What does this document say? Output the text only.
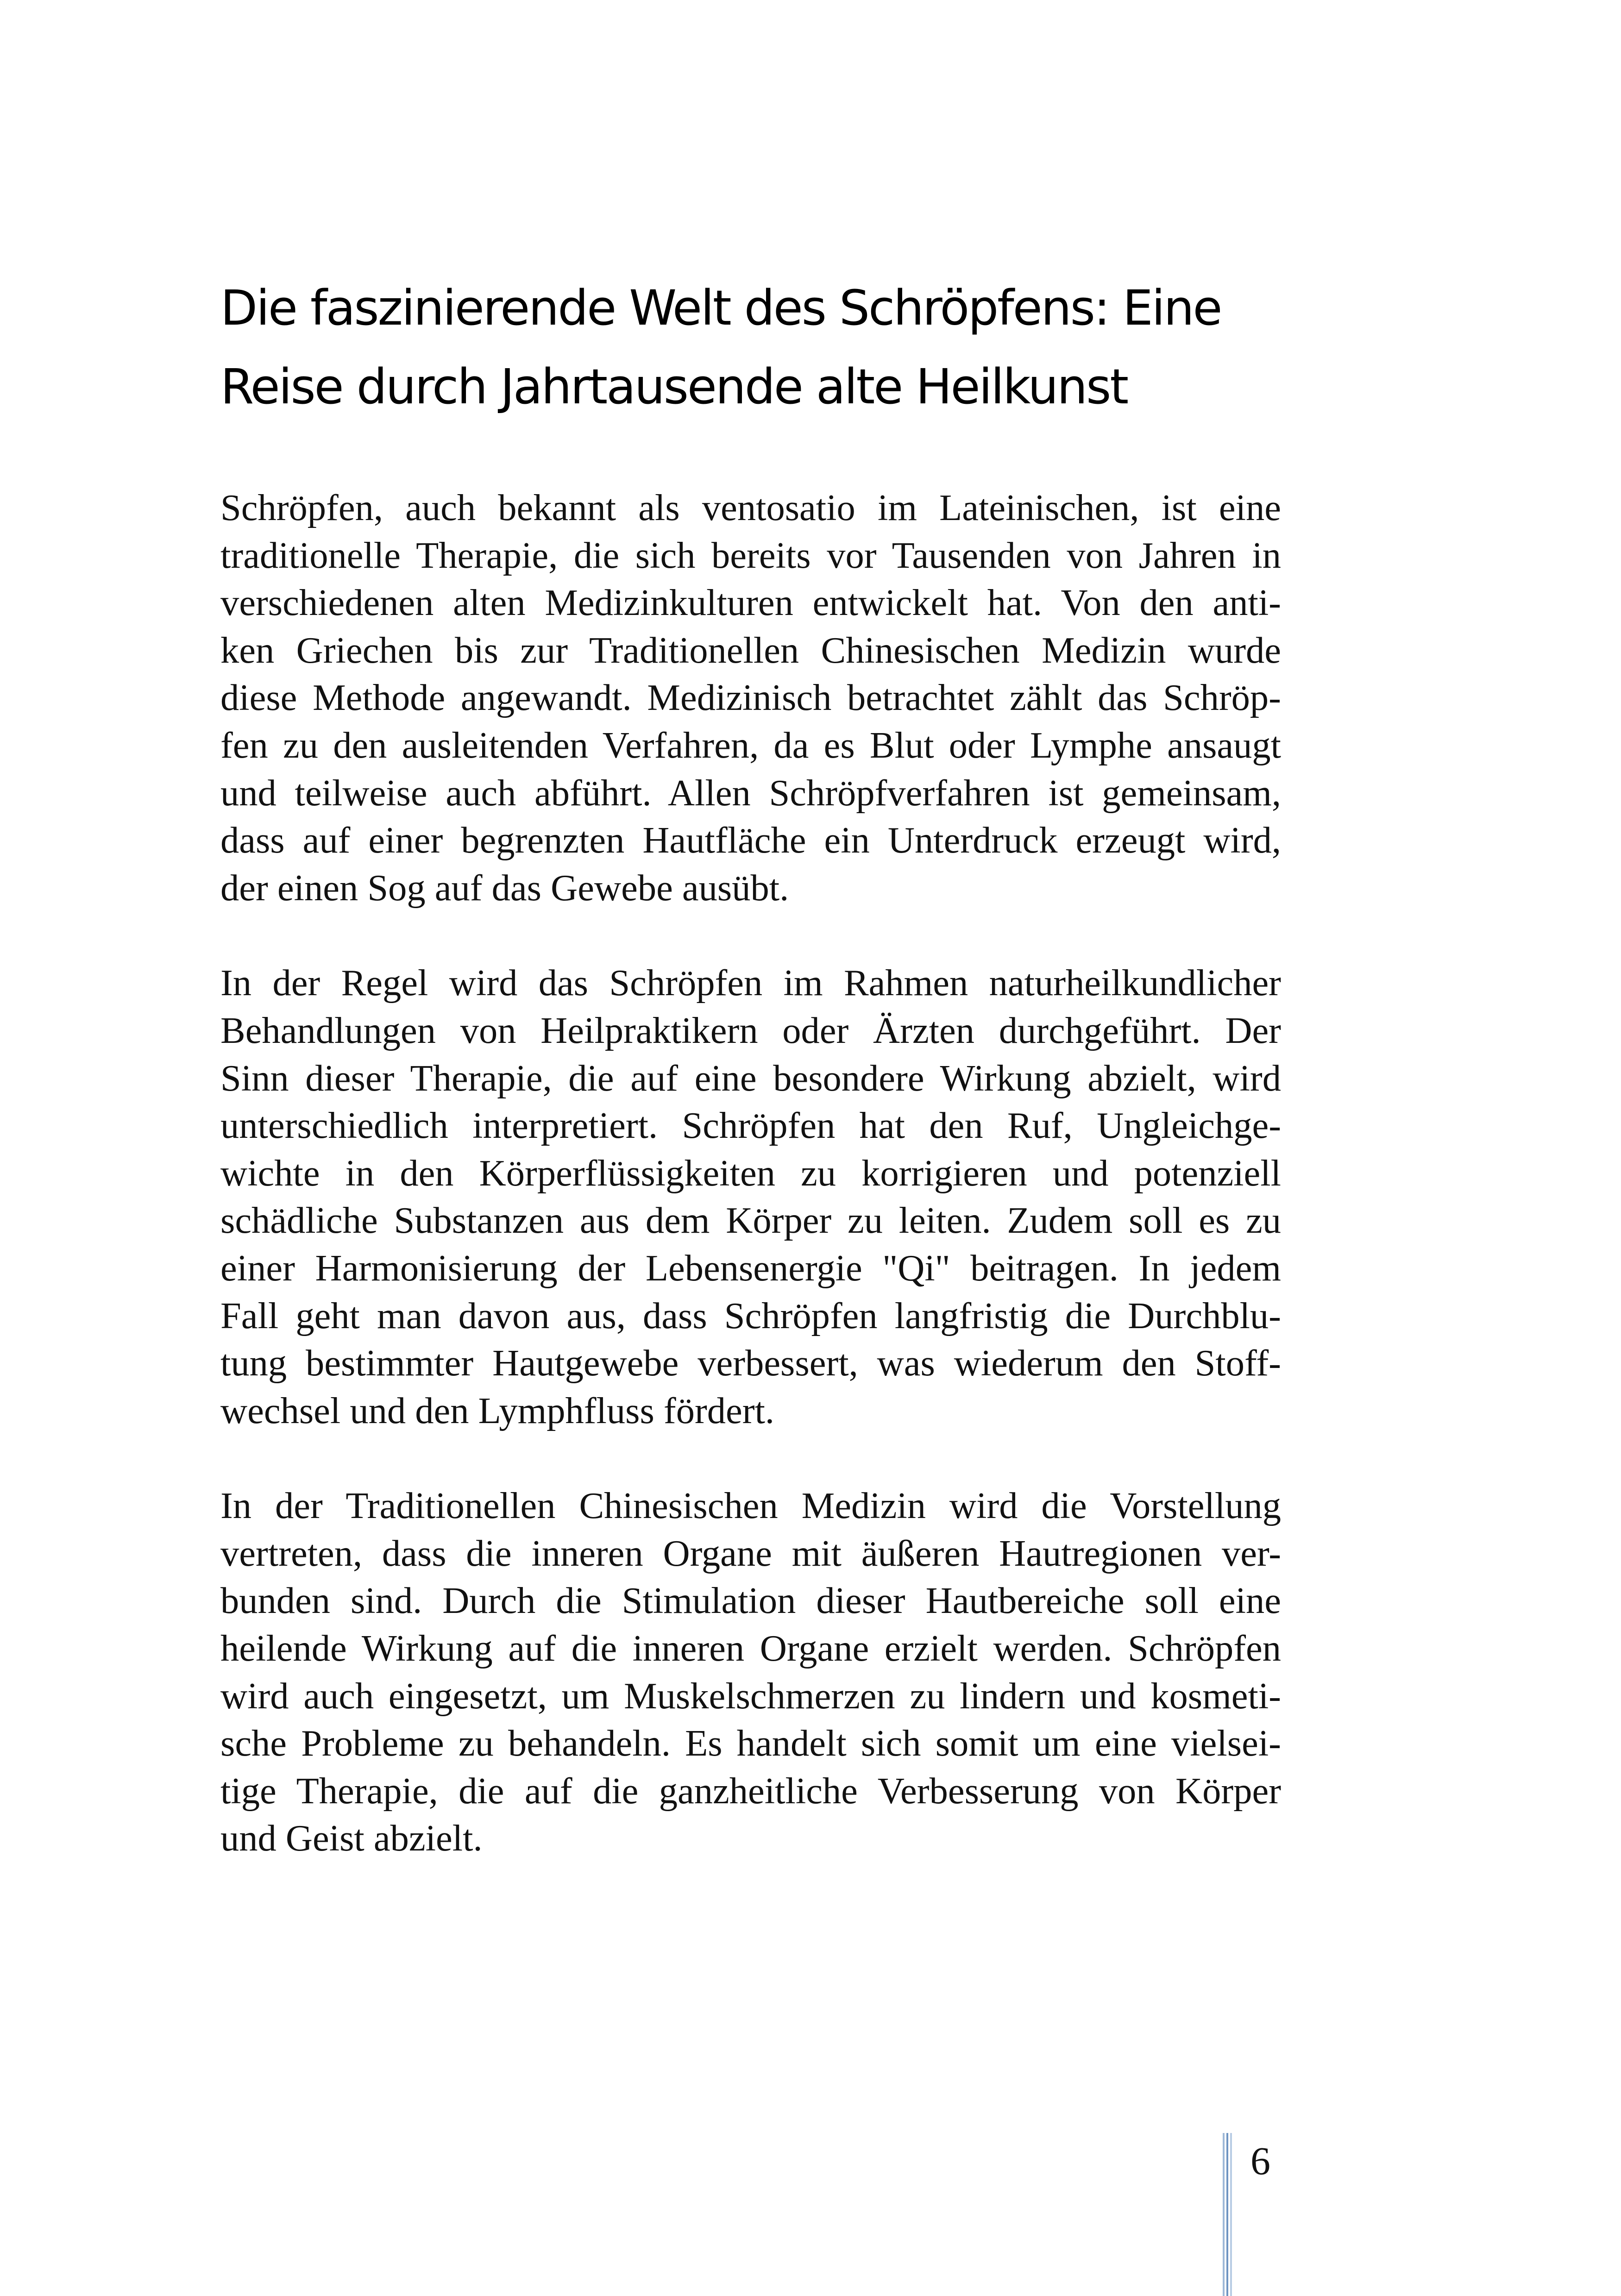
Die faszinierende Welt des Schröpfens: Eine
Reise durch Jahrtausende alte Heilkunst

Schröpfen, auch bekannt als ventosatio im Lateinischen, ist eine
traditionelle Therapie, die sich bereits vor Tausenden von Jahren in
verschiedenen alten Medizinkulturen entwickelt hat. Von den anti-
ken Griechen bis zur Traditionellen Chinesischen Medizin wurde
diese Methode angewandt. Medizinisch betrachtet zählt das Schröp-
fen zu den ausleitenden Verfahren, da es Blut oder Lymphe ansaugt
und teilweise auch abführt. Allen Schröpfverfahren ist gemeinsam,
dass auf einer begrenzten Hautfläche ein Unterdruck erzeugt wird,
der einen Sog auf das Gewebe ausübt.

In der Regel wird das Schröpfen im Rahmen naturheilkundlicher
Behandlungen von Heilpraktikern oder Ärzten durchgeführt. Der
Sinn dieser Therapie, die auf eine besondere Wirkung abzielt, wird
unterschiedlich interpretiert. Schröpfen hat den Ruf, Ungleichge-
wichte in den Körperflüssigkeiten zu korrigieren und potenziell
schädliche Substanzen aus dem Körper zu leiten. Zudem soll es zu
einer Harmonisierung der Lebensenergie "Qi" beitragen. In jedem
Fall geht man davon aus, dass Schröpfen langfristig die Durchblu-
tung bestimmter Hautgewebe verbessert, was wiederum den Stoff-
wechsel und den Lymphfluss fördert.

In der Traditionellen Chinesischen Medizin wird die Vorstellung
vertreten, dass die inneren Organe mit äußeren Hautregionen ver-
bunden sind. Durch die Stimulation dieser Hautbereiche soll eine
heilende Wirkung auf die inneren Organe erzielt werden. Schröpfen
wird auch eingesetzt, um Muskelschmerzen zu lindern und kosmeti-
sche Probleme zu behandeln. Es handelt sich somit um eine vielsei-
tige Therapie, die auf die ganzheitliche Verbesserung von Körper
und Geist abzielt.

6
